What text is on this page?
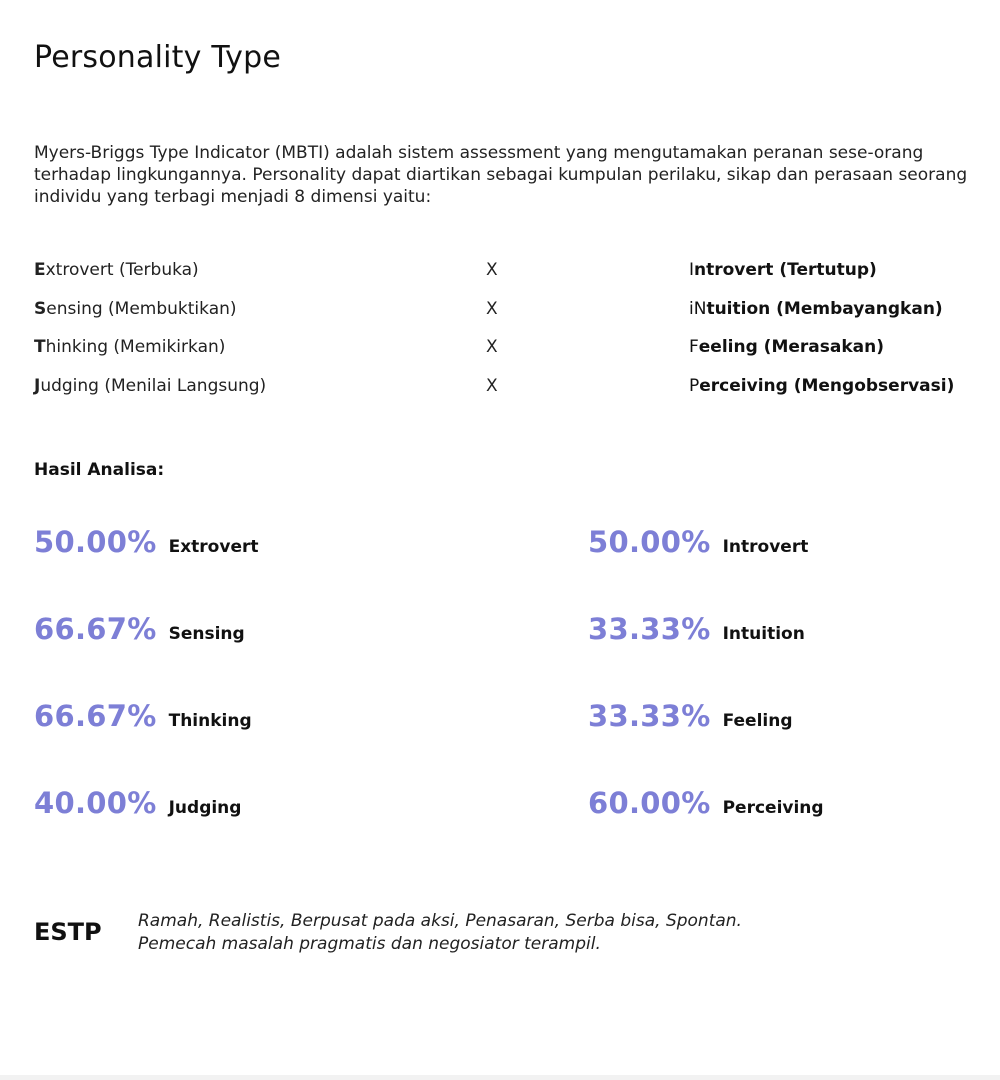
Personality Type

Myers-Briggs Type Indicator (MBTI) adalah sistem assessment yang mengutamakan peranan sese-orang terhadap lingkungannya. Personality dapat diartikan sebagai kumpulan perilaku, sikap dan perasaan seorang individu yang terbagi menjadi 8 dimensi yaitu:

Extrovert (Terbuka)	X	Introvert (Tertutup)
Sensing (Membuktikan)	X	iNtuition (Membayangkan)
Thinking (Memikirkan)	X	Feeling (Merasakan)
Judging (Menilai Langsung)	X	Perceiving (Mengobservasi)
Hasil Analisa:
50.00% Extrovert	50.00% Introvert
66.67% Sensing	33.33% Intuition
66.67% Thinking	33.33% Feeling
40.00% Judging	60.00% Perceiving
ESTP Ramah, Realistis, Berpusat pada aksi, Penasaran, Serba bisa, Spontan.
Pemecah masalah pragmatis dan negosiator terampil.
